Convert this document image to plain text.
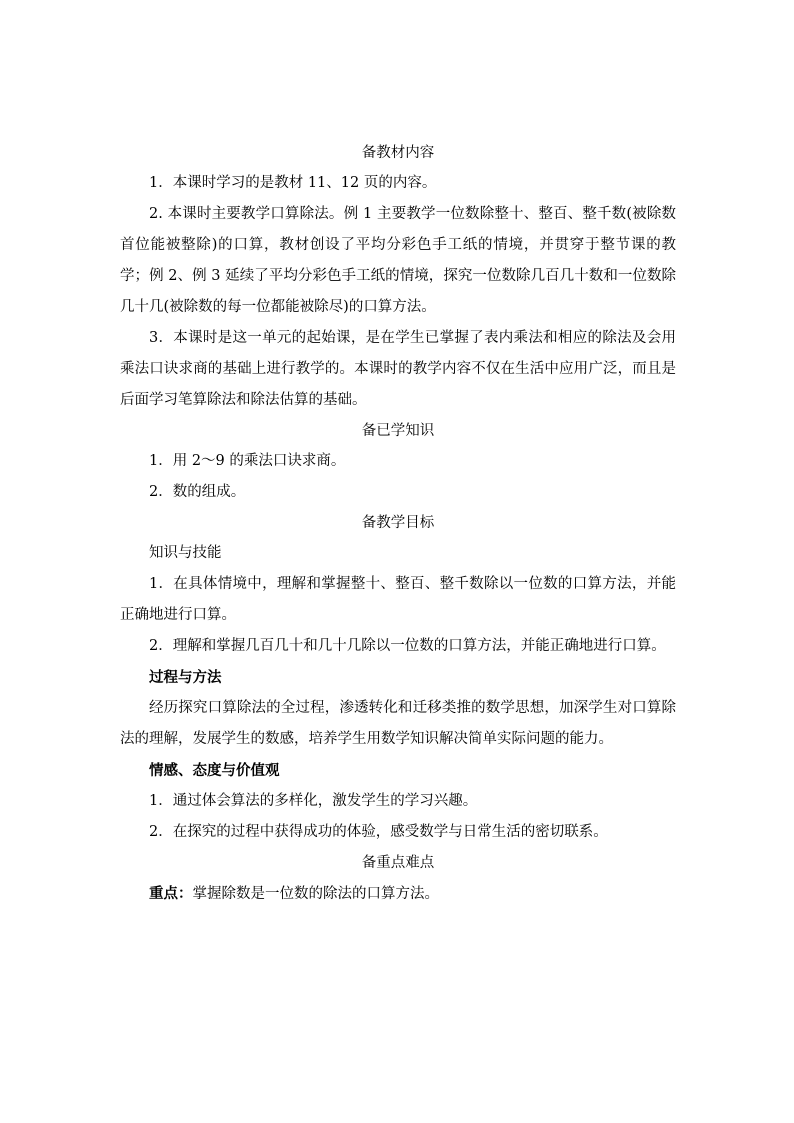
备教材内容

1．本课时学习的是教材 11、12 页的内容。

2. 本课时主要教学口算除法。例 1 主要教学一位数除整十、整百、整千数(被除数首位能被整除)的口算，教材创设了平均分彩色手工纸的情境，并贯穿于整节课的教学；例 2、例 3 延续了平均分彩色手工纸的情境，探究一位数除几百几十数和一位数除几十几(被除数的每一位都能被除尽)的口算方法。

3．本课时是这一单元的起始课，是在学生已掌握了表内乘法和相应的除法及会用乘法口诀求商的基础上进行教学的。本课时的教学内容不仅在生活中应用广泛，而且是后面学习笔算除法和除法估算的基础。

备已学知识

1．用 2～9 的乘法口诀求商。

2．数的组成。

备教学目标

知识与技能

1．在具体情境中，理解和掌握整十、整百、整千数除以一位数的口算方法，并能正确地进行口算。

2．理解和掌握几百几十和几十几除以一位数的口算方法，并能正确地进行口算。

过程与方法

经历探究口算除法的全过程，渗透转化和迁移类推的数学思想，加深学生对口算除法的理解，发展学生的数感，培养学生用数学知识解决简单实际问题的能力。

情感、态度与价值观

1．通过体会算法的多样化，激发学生的学习兴趣。

2．在探究的过程中获得成功的体验，感受数学与日常生活的密切联系。

备重点难点

重点：掌握除数是一位数的除法的口算方法。
